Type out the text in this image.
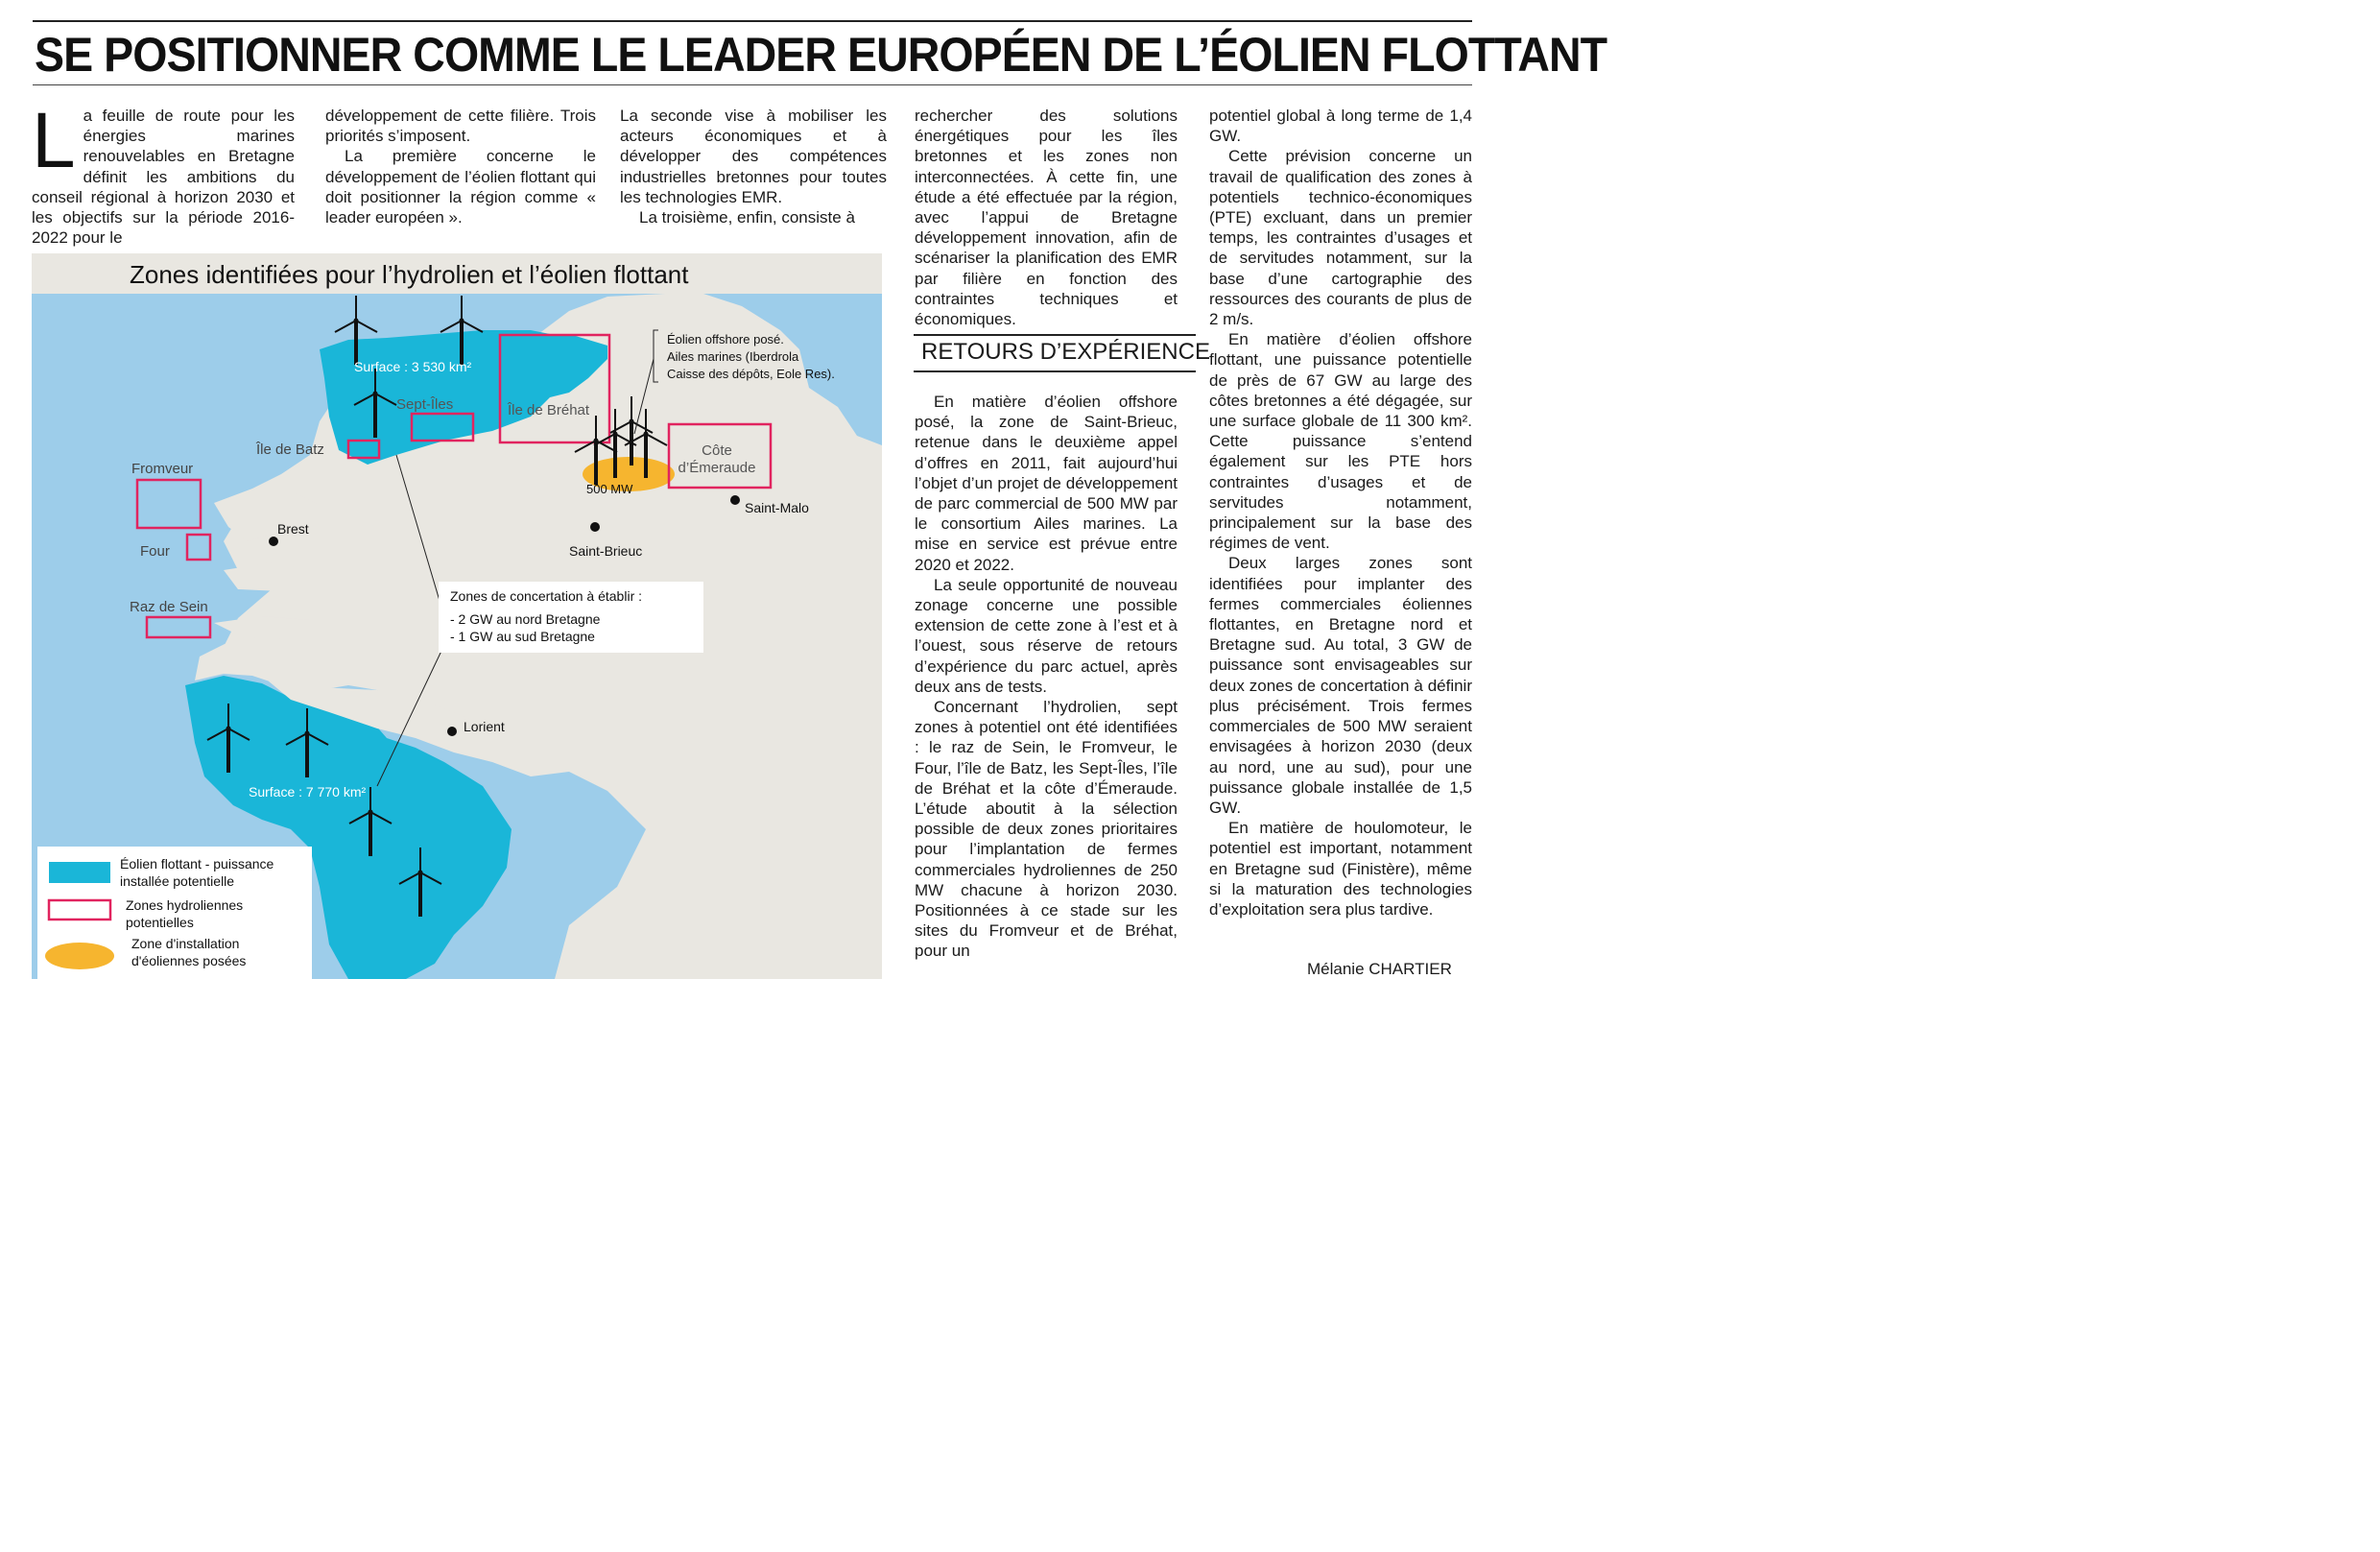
SE POSITIONNER COMME LE LEADER EUROPÉEN DE L’ÉOLIEN FLOTTANT

La feuille de route pour les énergies marines renouvelables en Bretagne définit les ambitions du conseil régional à horizon 2030 et les objectifs sur la période 2016-2022 pour le

développement de cette filière. Trois priorités s’imposent.

La première concerne le développement de l’éolien flottant qui doit positionner la région comme « leader européen ».

La seconde vise à mobiliser les acteurs économiques et à développer des compétences industrielles bretonnes pour toutes les technologies EMR.

La troisième, enfin, consiste à

rechercher des solutions énergétiques pour les îles bretonnes et les zones non interconnectées. À cette fin, une étude a été effectuée par la région, avec l’appui de Bretagne développement innovation, afin de scénariser la planification des EMR par filière en fonction des contraintes techniques et économiques.

RETOURS D’EXPÉRIENCE

En matière d’éolien offshore posé, la zone de Saint-Brieuc, retenue dans le deuxième appel d’offres en 2011, fait aujourd’hui l’objet d’un projet de développement de parc commercial de 500 MW par le consortium Ailes marines. La mise en service est prévue entre 2020 et 2022.

La seule opportunité de nouveau zonage concerne une possible extension de cette zone à l’est et à l’ouest, sous réserve de retours d’expérience du parc actuel, après deux ans de tests.

Concernant l’hydrolien, sept zones à potentiel ont été identifiées : le raz de Sein, le Fromveur, le Four, l’île de Batz, les Sept-Îles, l’île de Bréhat et la côte d’Émeraude. L’étude aboutit à la sélection possible de deux zones prioritaires pour l’implantation de fermes commerciales hydroliennes de 250 MW chacune à horizon 2030. Positionnées à ce stade sur les sites du Fromveur et de Bréhat, pour un

potentiel global à long terme de 1,4 GW.

Cette prévision concerne un travail de qualification des zones à potentiels technico-économiques (PTE) excluant, dans un premier temps, les contraintes d’usages et de servitudes notamment, sur la base d’une cartographie des ressources des courants de plus de 2 m/s.

En matière d’éolien offshore flottant, une puissance potentielle de près de 67 GW au large des côtes bretonnes a été dégagée, sur une surface globale de 11 300 km². Cette puissance s’entend également sur les PTE hors contraintes d’usages et de servitudes notamment, principalement sur la base des régimes de vent.

Deux larges zones sont identifiées pour implanter des fermes commerciales éoliennes flottantes, en Bretagne nord et Bretagne sud. Au total, 3 GW de puissance sont envisageables sur deux zones de concertation à définir plus précisément. Trois fermes commerciales de 500 MW seraient envisagées à horizon 2030 (deux au nord, une au sud), pour une puissance globale installée de 1,5 GW.

En matière de houlomoteur, le potentiel est important, notamment en Bretagne sud (Finistère), même si la maturation des technologies d’exploitation sera plus tardive.

Mélanie CHARTIER
Zones identifiées pour l’hydrolien et l’éolien flottant
Surface : 3 530 km²
Sept-Îles	Île de Bréhat
Île de Batz
Fromveur
Four
Raz de Sein
Côte
d’Émeraude
500 MW
Brest
Saint-Brieuc
Saint-Malo
Lorient
Éolien offshore posé.
Ailes marines (Iberdrola
Caisse des dépôts, Eole Res).
Zones de concertation à établir :
- 2 GW au nord Bretagne
- 1 GW au sud Bretagne
Surface : 7 770 km²
Éolien flottant - puissance
installée potentielle
Zones hydroliennes
potentielles
Zone d'installation
d'éoliennes posées
